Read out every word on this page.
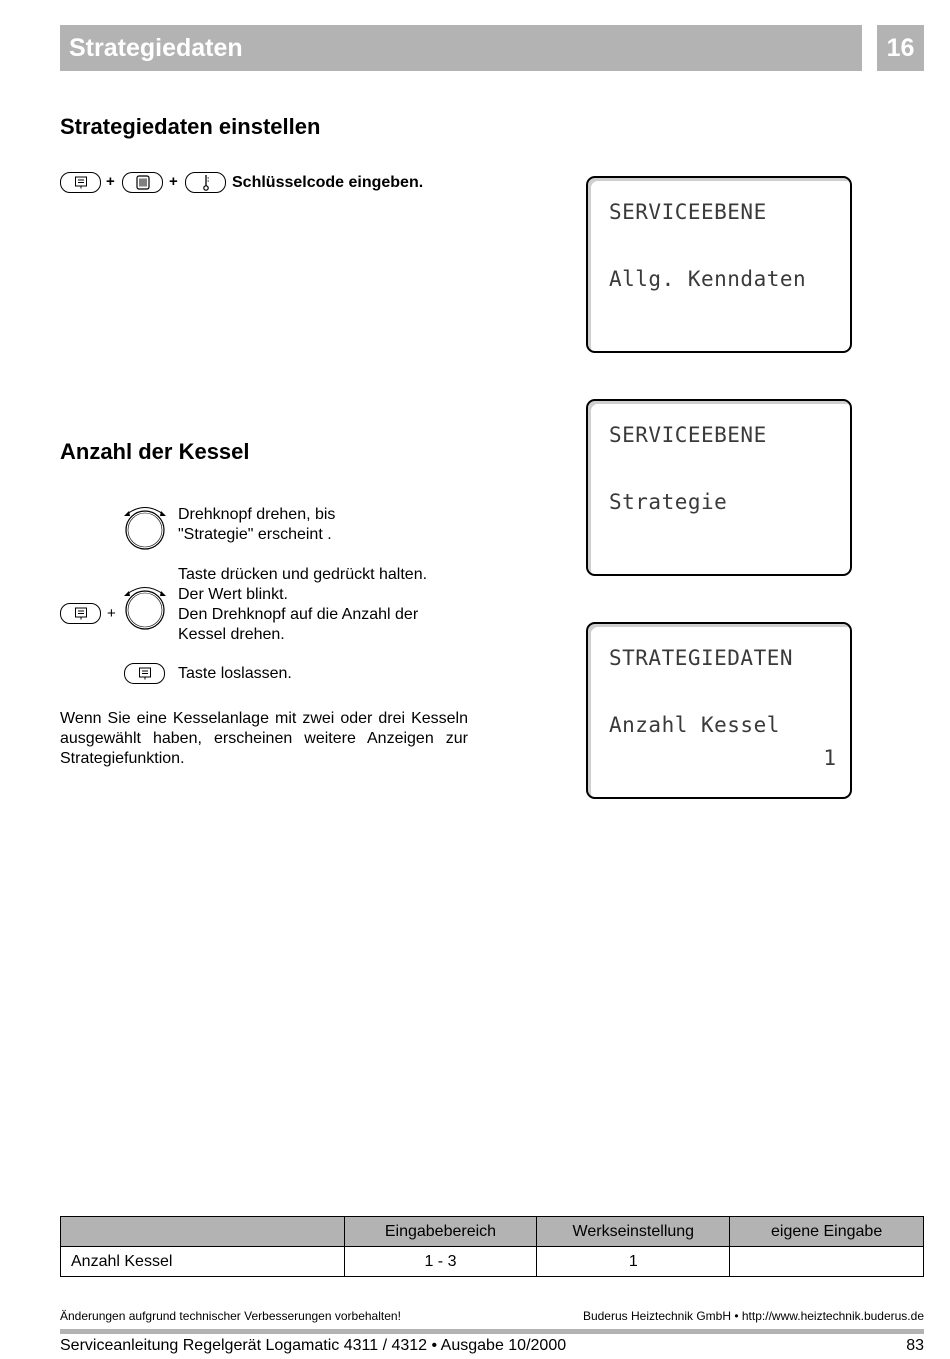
Strategiedaten	16
Strategiedaten einstellen
+	+	Schlüsselcode eingeben.
Anzahl der Kessel
Drehknopf drehen, bis
"Strategie" erscheint .
+
Taste drücken und gedrückt halten.
Der Wert blinkt.
Den Drehknopf auf die Anzahl der
Kessel drehen.
Taste loslassen.
Wenn Sie eine Kesselanlage mit zwei oder drei Kesseln ausgewählt haben, erscheinen weitere Anzeigen zur Strategiefunktion.
SERVICEEBENE
Allg. Kenndaten
SERVICEEBENE
Strategie
STRATEGIEDATEN
Anzahl Kessel
1
	Eingabebereich	Werkseinstellung	eigene Eingabe
Anzahl Kessel	1 - 3	1	
Änderungen aufgrund technischer Verbesserungen vorbehalten!	Buderus Heiztechnik GmbH • http://www.heiztechnik.buderus.de
Serviceanleitung Regelgerät Logamatic 4311 / 4312 • Ausgabe 10/2000	83
